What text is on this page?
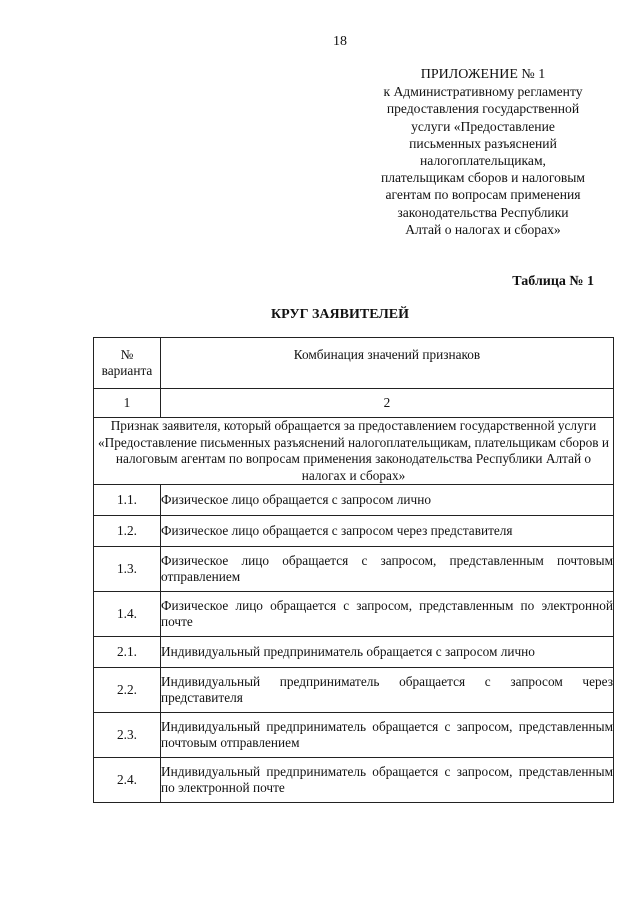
18
ПРИЛОЖЕНИЕ № 1
к Административному регламенту
предоставления государственной
услуги «Предоставление
письменных разъяснений
налогоплательщикам,
плательщикам сборов и налоговым
агентам по вопросам применения
законодательства Республики
Алтай о налогах и сборах»
Таблица № 1
КРУГ ЗАЯВИТЕЛЕЙ
№ варианта	Комбинация значений признаков

1	2
Признак заявителя, который обращается за предоставлением государственной услуги «Предоставление письменных разъяснений налогоплательщикам, плательщикам сборов и налоговым агентам по вопросам применения законодательства Республики Алтай о налогах и сборах»	
1.1.	Физическое лицо обращается с запросом лично
1.2.	Физическое лицо обращается с запросом через представителя
1.3.	Физическое лицо обращается с запросом, представленным почтовым отправлением
1.4.	Физическое лицо обращается с запросом, представленным по электронной почте
2.1.	Индивидуальный предприниматель обращается с запросом лично
2.2.	Индивидуальный предприниматель обращается с запросом через представителя
2.3.	Индивидуальный предприниматель обращается с запросом, представленным почтовым отправлением
2.4.	Индивидуальный предприниматель обращается с запросом, представленным по электронной почте
